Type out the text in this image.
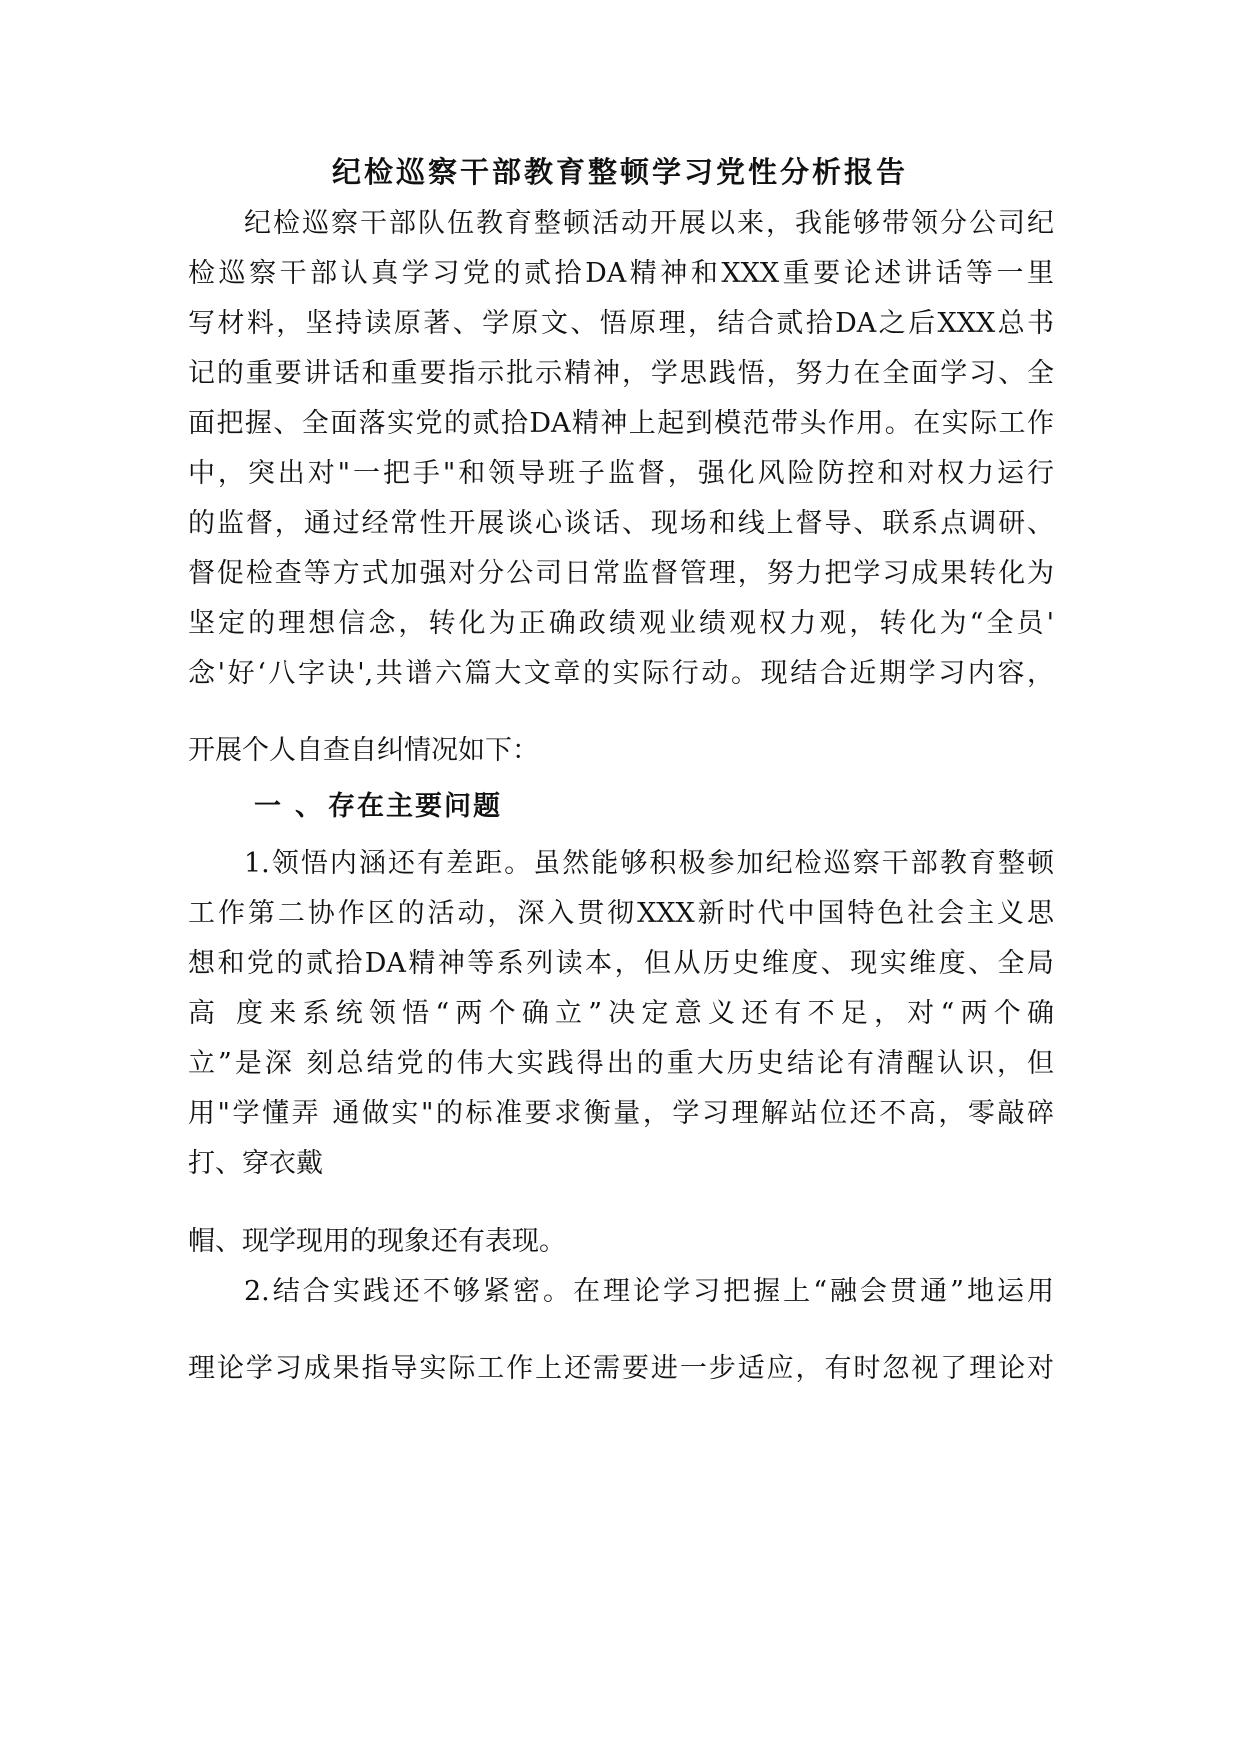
纪检巡察干部教育整顿学习党性分析报告
纪检巡察干部队伍教育整顿活动开展以来，我能够带领分公司纪
检巡察干部认真学习党的贰拾DA精神和XXX重要论述讲话等一里
写材料，坚持读原著、学原文、悟原理，结合贰拾DA之后XXX总书
记的重要讲话和重要指示批示精神，学思践悟，努力在全面学习、全
面把握、全面落实党的贰拾DA精神上起到模范带头作用。在实际工作
中，突出对"一把手"和领导班子监督，强化风险防控和对权力运行
的监督，通过经常性开展谈心谈话、现场和线上督导、联系点调研、
督促检查等方式加强对分公司日常监督管理，努力把学习成果转化为
坚定的理想信念，转化为正确政绩观业绩观权力观，转化为“全员'
念'好‘八字诀',共谱六篇大文章的实际行动。现结合近期学习内容，
开展个人自查自纠情况如下：
一 、 存在主要问题
1.领悟内涵还有差距。虽然能够积极参加纪检巡察干部教育整顿
工作第二协作区的活动，深入贯彻XXX新时代中国特色社会主义思
想和党的贰拾DA精神等系列读本，但从历史维度、现实维度、全局
高 度来系统领悟“两个确立”决定意义还有不足，对“两个确
立”是深 刻总结党的伟大实践得出的重大历史结论有清醒认识，但
用"学懂弄 通做实"的标准要求衡量，学习理解站位还不高，零敲碎
打、穿衣戴
帽、现学现用的现象还有表现。
2.结合实践还不够紧密。在理论学习把握上“融会贯通”地运用
理论学习成果指导实际工作上还需要进一步适应，有时忽视了理论对
